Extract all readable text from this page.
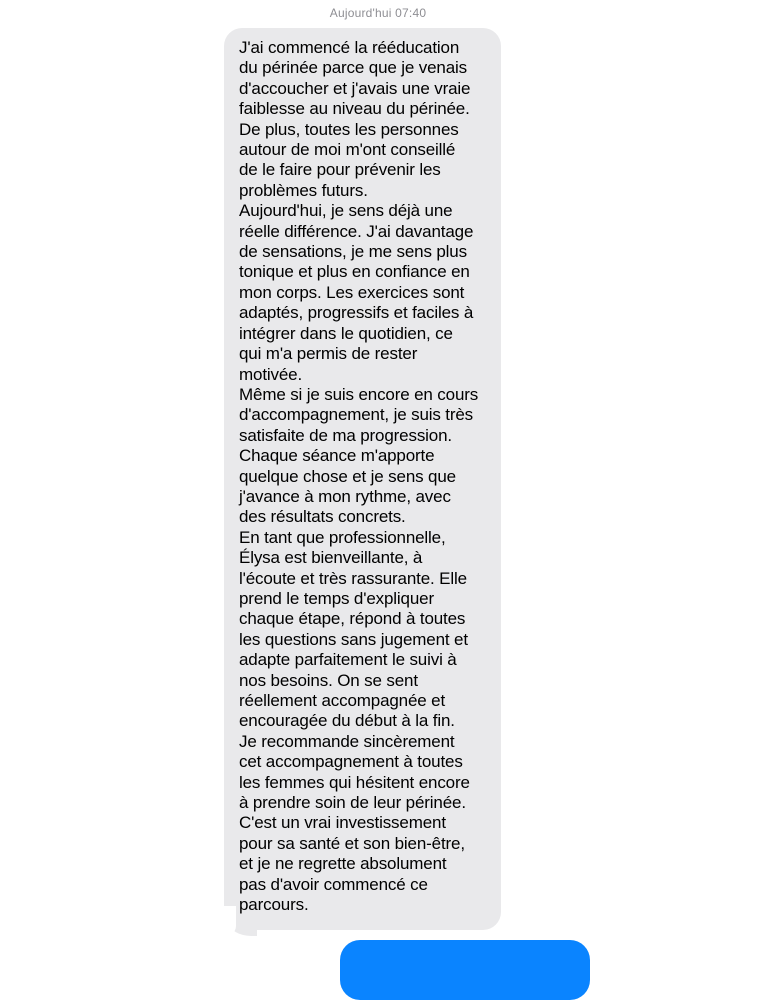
Aujourd'hui 07:40

J'ai commencé la rééducation
du périnée parce que je venais
d'accoucher et j'avais une vraie
faiblesse au niveau du périnée.
De plus, toutes les personnes
autour de moi m'ont conseillé
de le faire pour prévenir les
problèmes futurs.

Aujourd'hui, je sens déjà une
réelle différence. J'ai davantage
de sensations, je me sens plus
tonique et plus en confiance en
mon corps. Les exercices sont
adaptés, progressifs et faciles à
intégrer dans le quotidien, ce
qui m'a permis de rester
motivée.

Même si je suis encore en cours
d'accompagnement, je suis très
satisfaite de ma progression.
Chaque séance m'apporte
quelque chose et je sens que
j'avance à mon rythme, avec
des résultats concrets.

En tant que professionnelle,
Élysa est bienveillante, à
l'écoute et très rassurante. Elle
prend le temps d'expliquer
chaque étape, répond à toutes
les questions sans jugement et
adapte parfaitement le suivi à
nos besoins. On se sent
réellement accompagnée et
encouragée du début à la fin.

Je recommande sincèrement
cet accompagnement à toutes
les femmes qui hésitent encore
à prendre soin de leur périnée.
C'est un vrai investissement
pour sa santé et son bien-être,
et je ne regrette absolument
pas d'avoir commencé ce
parcours.
